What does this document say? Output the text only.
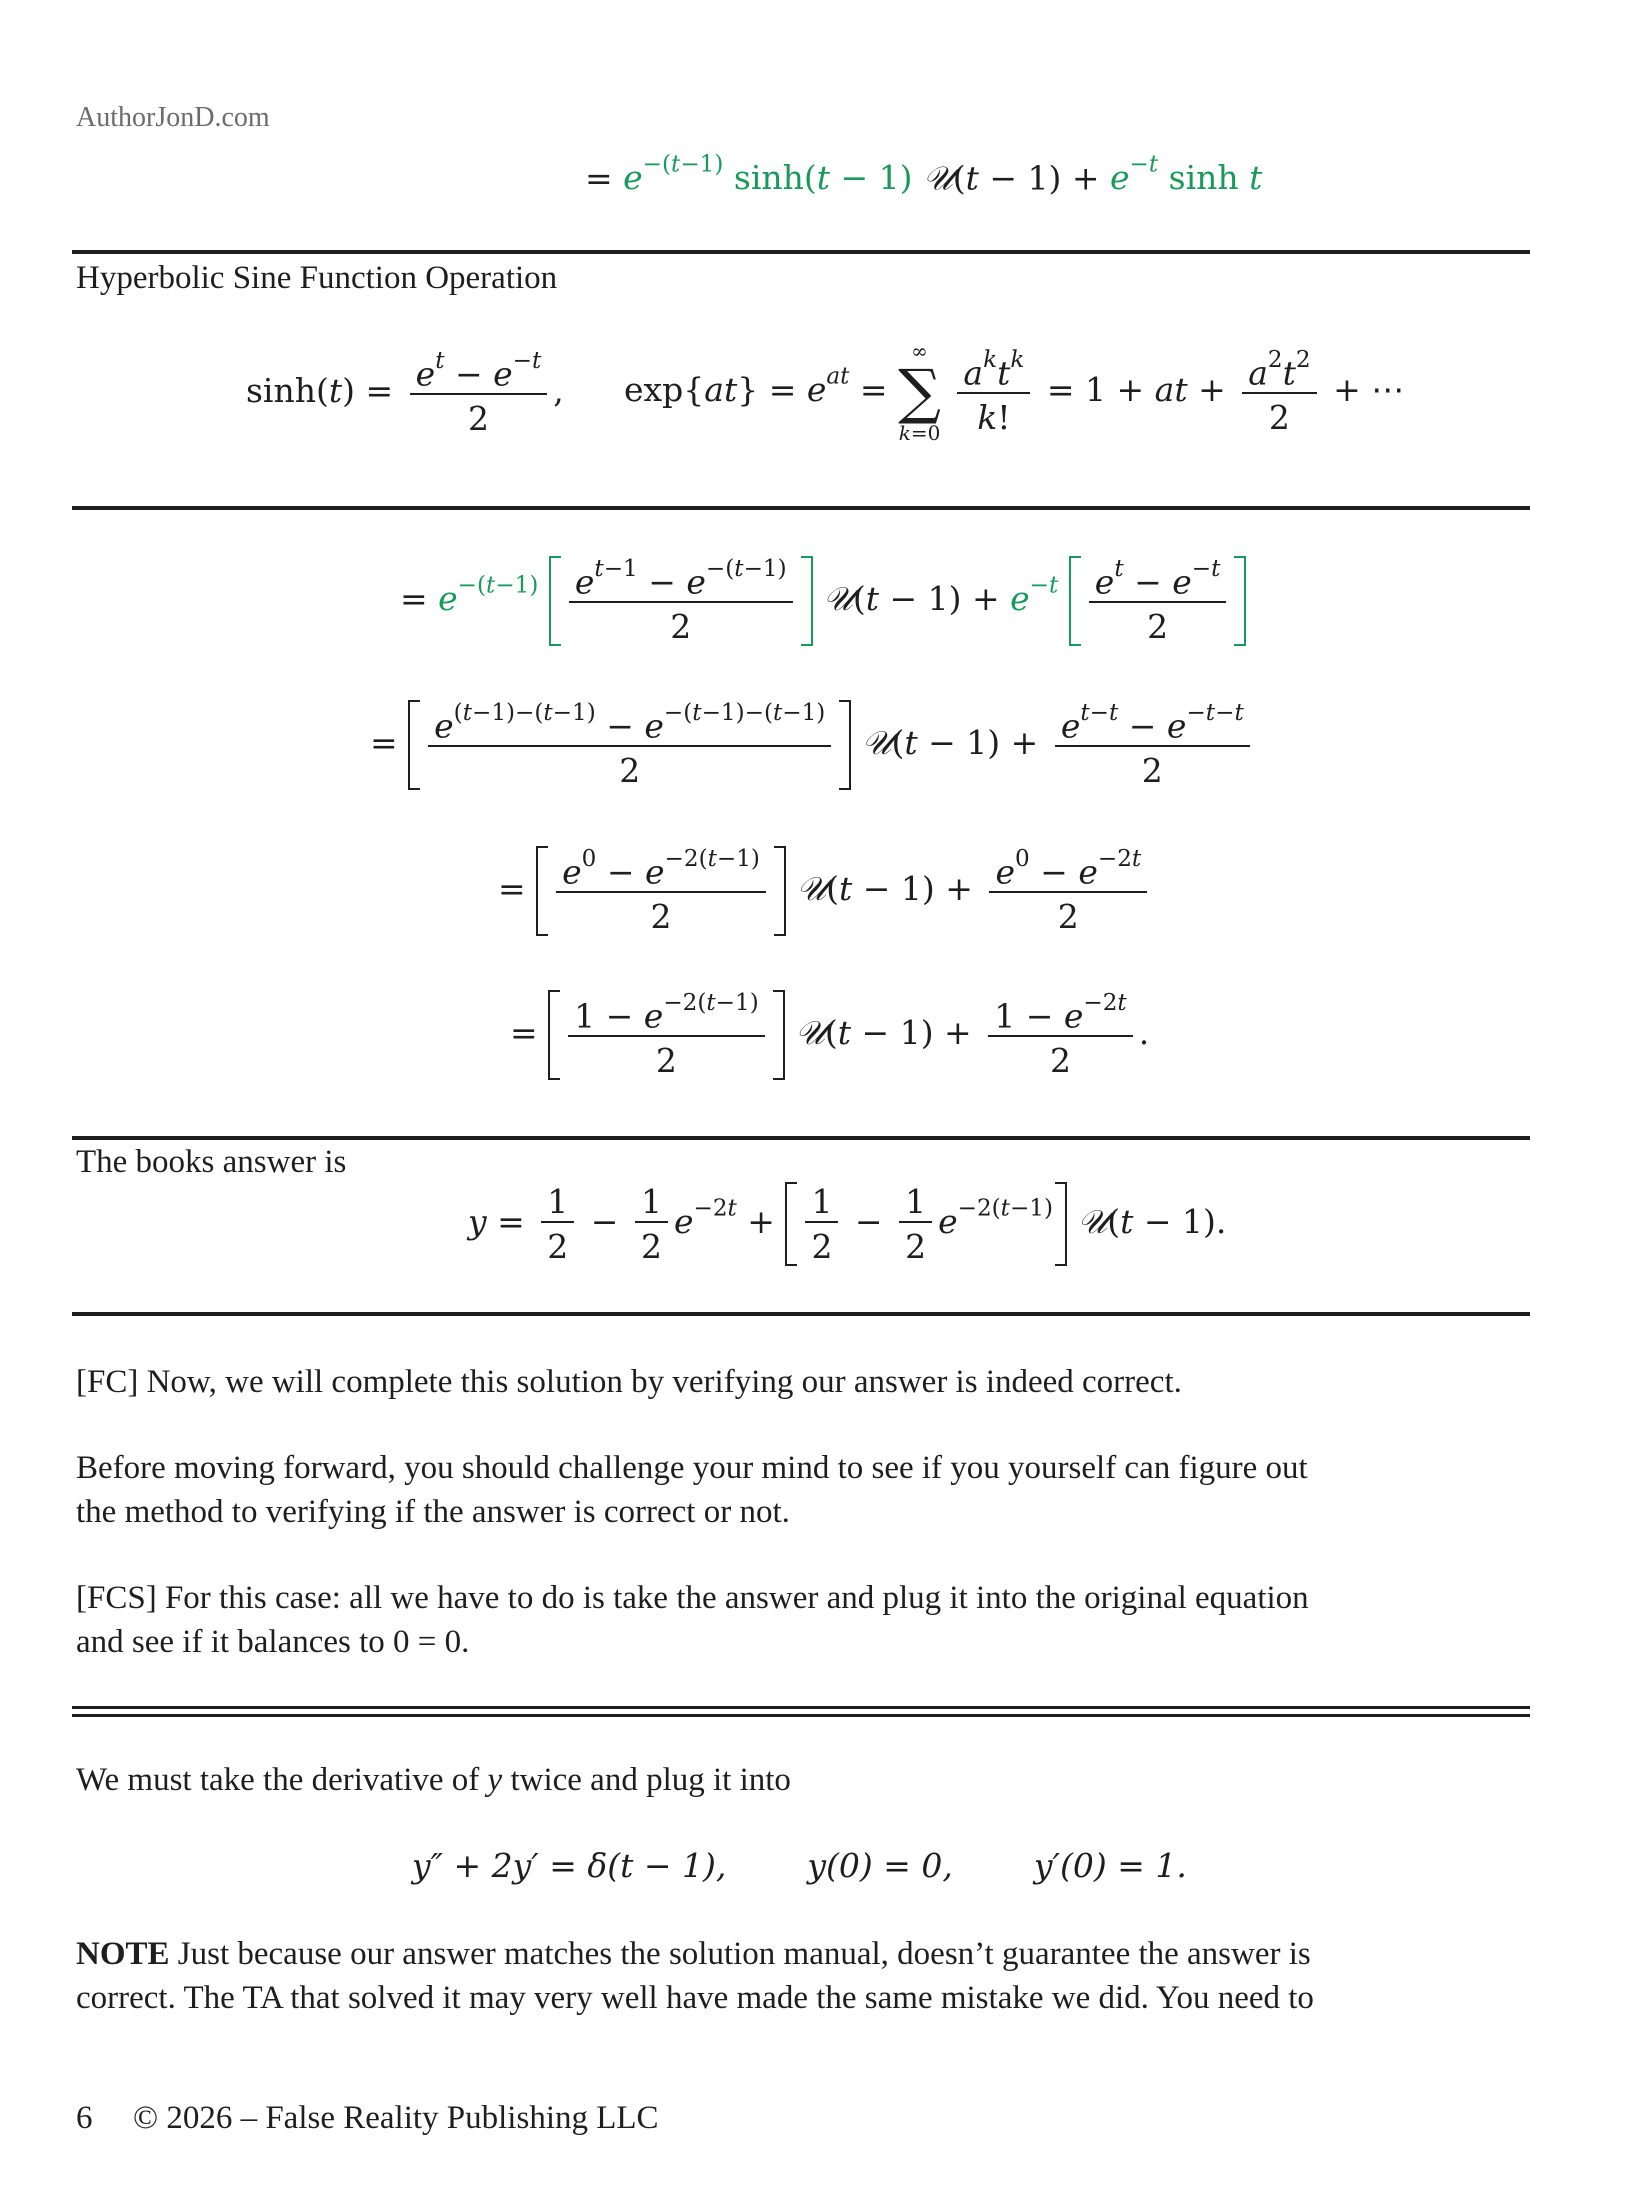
AuthorJonD.com
= $e^{-(t-1)}$ sinh(t − 1) 𝒰(t − $1) + e^{-t}$ sinh t
Hyperbolic Sine Function Operation
$\sinh(t) = \frac{e^t - e^{-t}}{2}$ , $\exp\{at\} = e^{at}$ =
∞
∑
k=0
$\frac{a^kt^k}{k!} = 1$ + at + $\frac{a^2t^2}{2}$ + ⋯
= $e^{-(t-1)} \frac{e^{t-1} - e^{-(t-1)}}{2}$ 𝒰(t − $1) + e^{-t} \frac{e^t - e^{-t}}{2}$
= $\frac{e^{(t-1)-(t-1)} - e^{-(t-1)-(t-1)}}{2}$ 𝒰(t − $1) + \frac{e^{t-t} - e^{-t-t}}{2}$
= $\frac{e^0 - e^{-2(t-1)}}{2}$ 𝒰(t − $1) + \frac{e^0 - e^{-2t}}{2}$
= $\frac{1 - e^{-2(t-1)}}{2}$ 𝒰(t − $1) + \frac{1 - e^{-2t}}{2}$ .
The books answer is
$y = \frac{1}{2} - \frac{1}{2} e^{-2t} + \frac{1}{2} - \frac{1}{2} e^{-2(t-1)}$ 𝒰(t − 1).
[FC] Now, we will complete this solution by verifying our answer is indeed correct.
Before moving forward, you should challenge your mind to see if you yourself can figure out
the method to verifying if the answer is correct or not.
[FCS] For this case: all we have to do is take the answer and plug it into the original equation
and see if it balances to 0 = 0.
We must take the derivative of y twice and plug it into
y″ + 2y′ = δ(t − 1), y(0) = 0, y′(0) = 1.
NOTE Just because our answer matches the solution manual, doesn’t guarantee the answer is
correct. The TA that solved it may very well have made the same mistake we did. You need to
6 © 2026 – False Reality Publishing LLC
